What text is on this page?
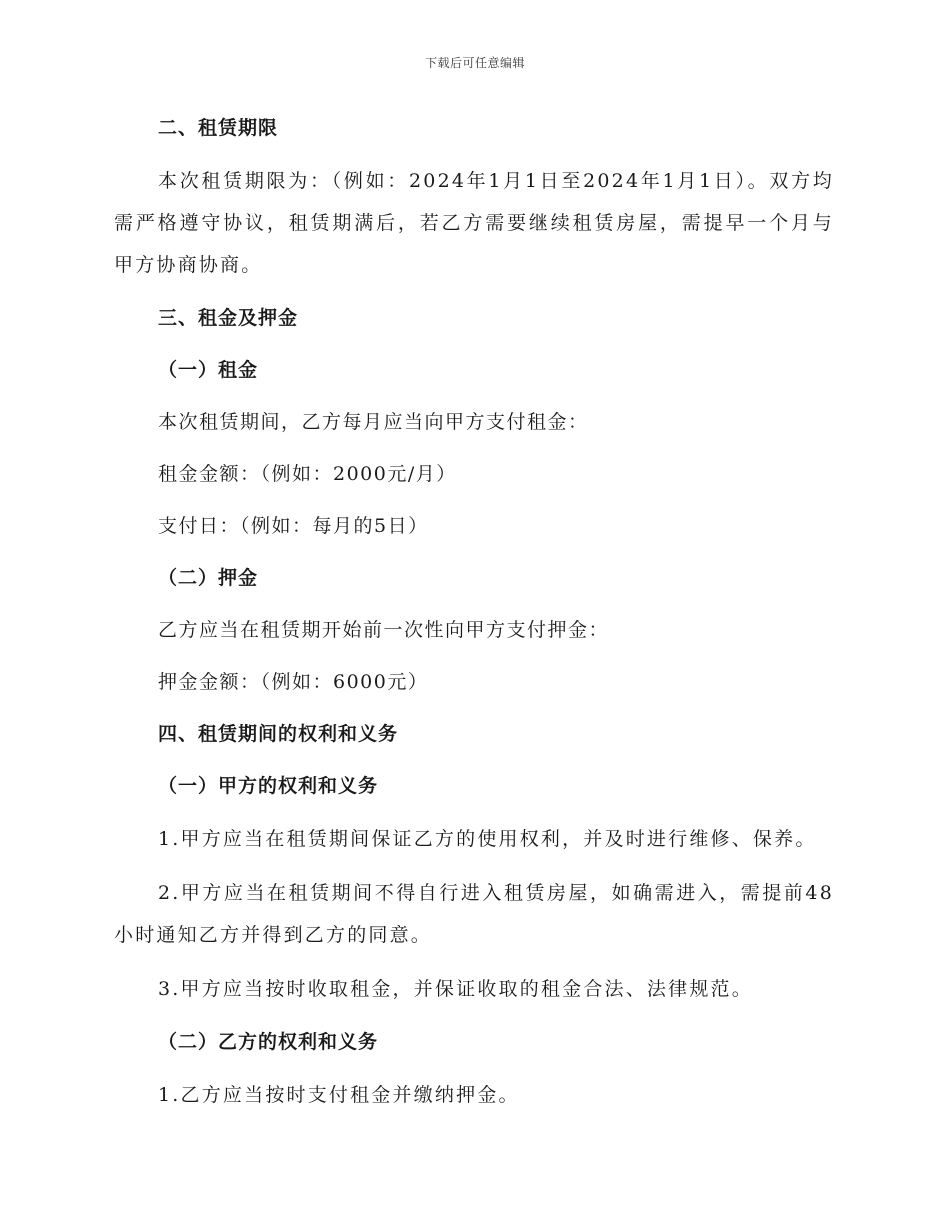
下载后可任意编辑
二、租赁期限

本次租赁期限为：（例如：2024年1月1日至2024年1月1日）。双方均需严格遵守协议，租赁期满后，若乙方需要继续租赁房屋，需提早一个月与甲方协商协商。

三、租金及押金
（一）租金
本次租赁期间，乙方每月应当向甲方支付租金：
租金金额：（例如：2000元/月）
支付日：（例如：每月的5日）
（二）押金
乙方应当在租赁期开始前一次性向甲方支付押金：
押金金额：（例如：6000元）
四、租赁期间的权利和义务
（一）甲方的权利和义务

1.甲方应当在租赁期间保证乙方的使用权利，并及时进行维修、保养。

2.甲方应当在租赁期间不得自行进入租赁房屋，如确需进入，需提前48小时通知乙方并得到乙方的同意。

3.甲方应当按时收取租金，并保证收取的租金合法、法律规范。

（二）乙方的权利和义务

1.乙方应当按时支付租金并缴纳押金。
